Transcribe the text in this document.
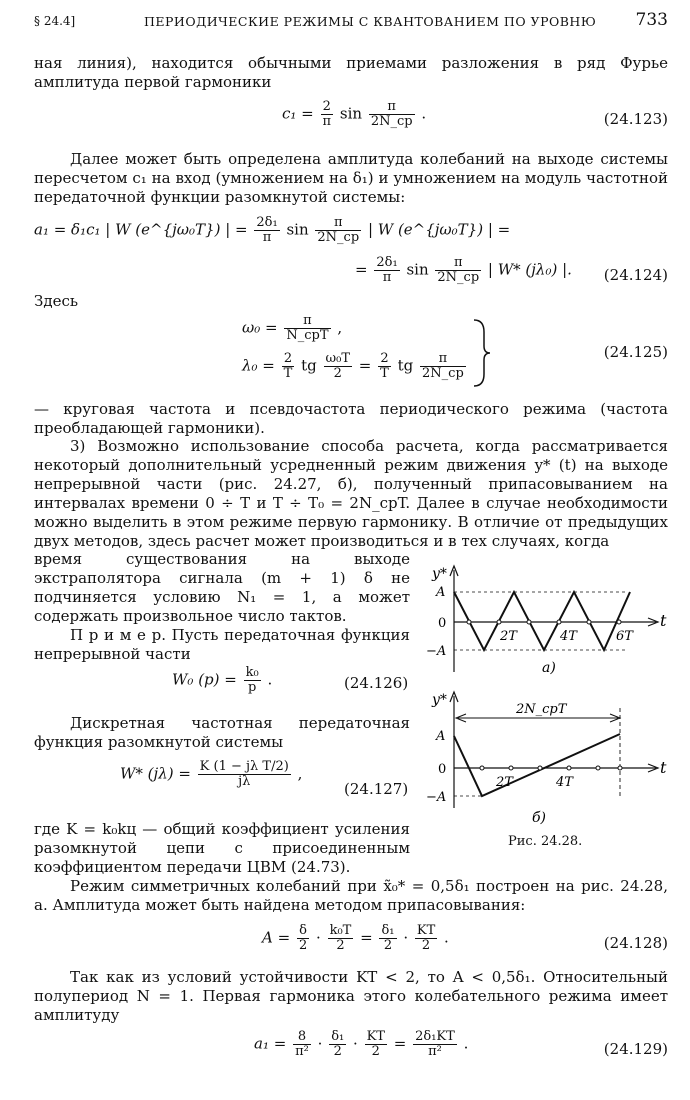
§ 24.4]	ПЕРИОДИЧЕСКИЕ РЕЖИМЫ С КВАНТОВАНИЕМ ПО УРОВНЮ 733

ная линия), находится обычными приемами разложения в ряд Фурье амплитуда первой гармоники

$c_1 = \frac{2}{\pi}$ $\sin \frac{\pi}{2N\_ср}$ .	(24.123)

Далее может быть определена амплитуда колебаний на выходе системы пересчетом c₁ на вход (умножением на δ₁) и умножением на модуль частотной передаточной функции разомкнутой системы:

a₁ = δ₁c₁ | W (e^{jω₀T}) | = $\frac{\text{2δ₁}}{\pi}$ $\sin \frac{\pi}{2N\_ср}$ | W (e^{jω₀T}) | =
= $\frac{\text{2δ₁}}{\pi}$ $\sin \frac{\pi}{2N\_ср}$ | W* (jλ₀) |. (24.124)

Здесь

$\omega_0 = \frac{\pi}{\text{N\_срT}}$ ,
$\lambda_0 = \frac{2}{T}$ tg $\frac{\text{ω₀T}}{2} = \frac{2}{T}$ tg $\frac{\pi}{2N\_ср}$	(24.125)

— круговая частота и псевдочастота периодического режима (частота преобладающей гармоники).

3) Возможно использование способа расчета, когда рассматривается некоторый дополнительный усредненный режим движения y* (t) на выходе непрерывной части (рис. 24.27, б), полученный припасовыванием на интервалах времени 0 ÷ T и T ÷ T₀ = 2N_срT. Далее в случае необходимости можно выделить в этом режиме первую гармонику. В отличие от предыдущих двух методов, здесь расчет может производиться и в тех случаях, когда

время существования на выходе экстраполятора сигнала (m + 1) δ не подчиняется условию N₁ = 1, а может содержать произвольное число тактов.

П р и м е р. Пусть передаточная функция непрерывной части

W₀ $(p) = \frac{\text{k₀}}{p}$ .	(24.126)

Дискретная частотная передаточная функция разомкнутой системы

W* $(j\lambda) = \frac{\text{K (1 − jλ T/2)}}{j\lambda}$ ,
(24.127)

где K = k₀kц — общий коэффициент усиления разомкнутой цепи с присоединенным коэффициентом передачи ЦВМ (24.73).

y*
t
A
0
−A
2T	4T	6T
а)
y*
t
A
0
−A
2T	4T
2N_срT
б)
Рис. 24.28.

Режим симметричных колебаний при x̃₀* = 0,5δ₁ построен на рис. 24.28, а. Амплитуда может быть найдена методом припасовывания:

$A = \frac{\delta}{2} \cdot \frac{\text{k₀T}}{2} = \frac{\text{δ₁}}{2} \cdot \frac{KT}{2}$ .	(24.128)

Так как из условий устойчивости KT < 2, то A < 0,5δ₁. Относительный полупериод N = 1. Первая гармоника этого колебательного режима имеет амплитуду

$a_1 = \frac{8}{\text{π²}} \cdot \frac{\text{δ₁}}{2} \cdot \frac{KT}{2} = \frac{\text{2δ₁KT}}{\text{π²}}$ .	(24.129)
